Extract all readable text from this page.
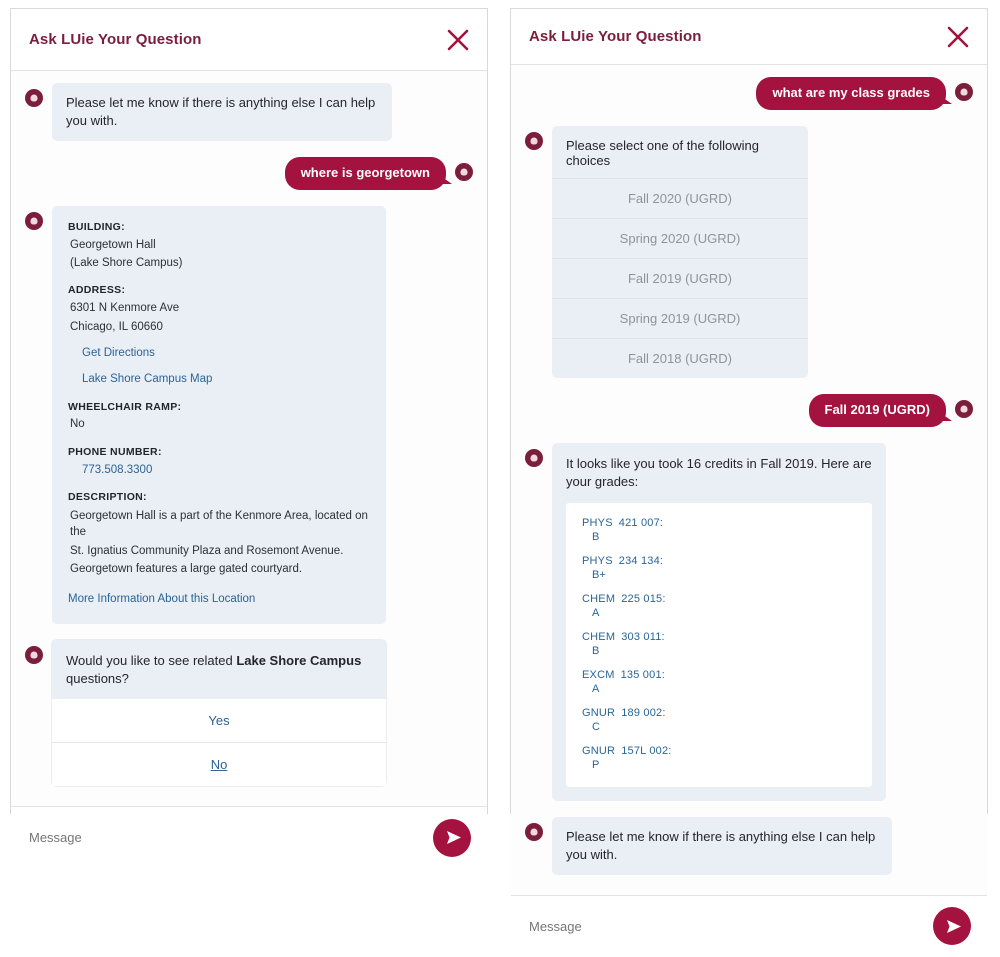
Ask LUie Your Question
Please let me know if there is anything else I can help you with.
where is georgetown
BUILDING:
Georgetown Hall
(Lake Shore Campus)
ADDRESS:
6301 N Kenmore Ave
Chicago, IL 60660
Get Directions
Lake Shore Campus Map
WHEELCHAIR RAMP:
No
PHONE NUMBER:
773.508.3300
DESCRIPTION:
Georgetown Hall is a part of the Kenmore Area, located on the
St. Ignatius Community Plaza and Rosemont Avenue.
Georgetown features a large gated courtyard.
More Information About this Location
Would you like to see related Lake Shore Campus questions?
Yes
No
Message
Ask LUie Your Question
what are my class grades
Please select one of the following choices
Fall 2020 (UGRD)
Spring 2020 (UGRD)
Fall 2019 (UGRD)
Spring 2019 (UGRD)
Fall 2018 (UGRD)
Fall 2019 (UGRD)
It looks like you took 16 credits in Fall 2019. Here are
your grades:
PHYS 421 007:
B
PHYS 234 134:
B+
CHEM 225 015:
A
CHEM 303 011:
B
EXCM 135 001:
A
GNUR 189 002:
C
GNUR 157L 002:
P
Please let me know if there is anything else I can help you with.
Message
